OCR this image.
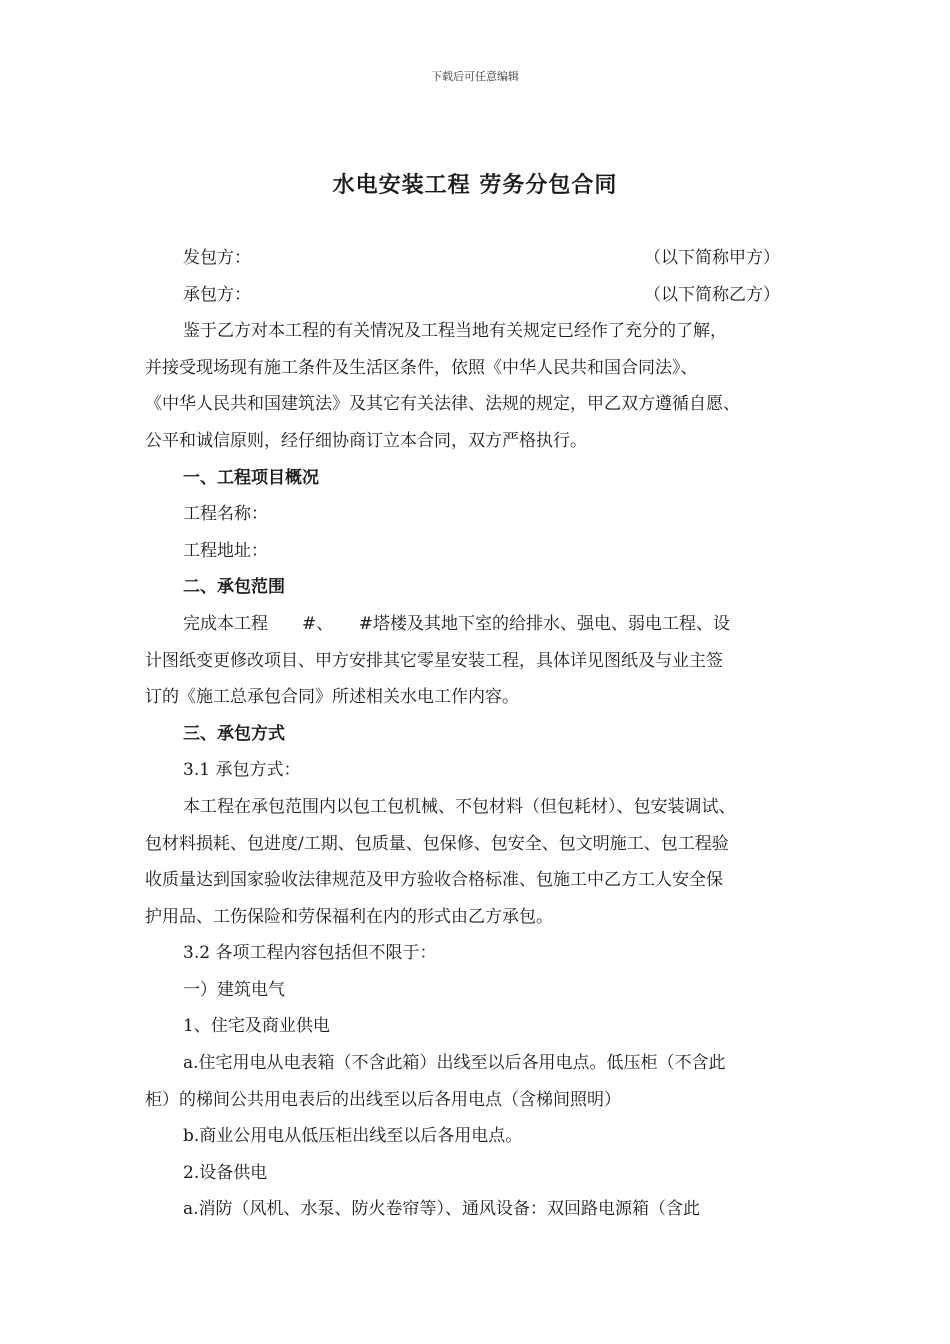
下载后可任意编辑
水电安装工程 劳务分包合同
发包方：	（以下简称甲方）
承包方：	（以下简称乙方）
鉴于乙方对本工程的有关情况及工程当地有关规定已经作了充分的了解，
并接受现场现有施工条件及生活区条件，依照《中华人民共和国合同法》、
《中华人民共和国建筑法》及其它有关法律、法规的规定，甲乙双方遵循自愿、
公平和诚信原则，经仔细协商订立本合同，双方严格执行。
一、工程项目概况
工程名称：
工程地址：
二、承包范围
完成本工程　　#、　　#塔楼及其地下室的给排水、强电、弱电工程、设
计图纸变更修改项目、甲方安排其它零星安装工程，具体详见图纸及与业主签
订的《施工总承包合同》所述相关水电工作内容。
三、承包方式
3.1 承包方式：
本工程在承包范围内以包工包机械、不包材料（但包耗材）、包安装调试、
包材料损耗、包进度/工期、包质量、包保修、包安全、包文明施工、包工程验
收质量达到国家验收法律规范及甲方验收合格标准、包施工中乙方工人安全保
护用品、工伤保险和劳保福利在内的形式由乙方承包。
3.2 各项工程内容包括但不限于：
一）建筑电气
1、住宅及商业供电
a.住宅用电从电表箱（不含此箱）出线至以后各用电点。低压柜（不含此
柜）的梯间公共用电表后的出线至以后各用电点（含梯间照明）
b.商业公用电从低压柜出线至以后各用电点。
2.设备供电
a.消防（风机、水泵、防火卷帘等）、通风设备：双回路电源箱（含此
